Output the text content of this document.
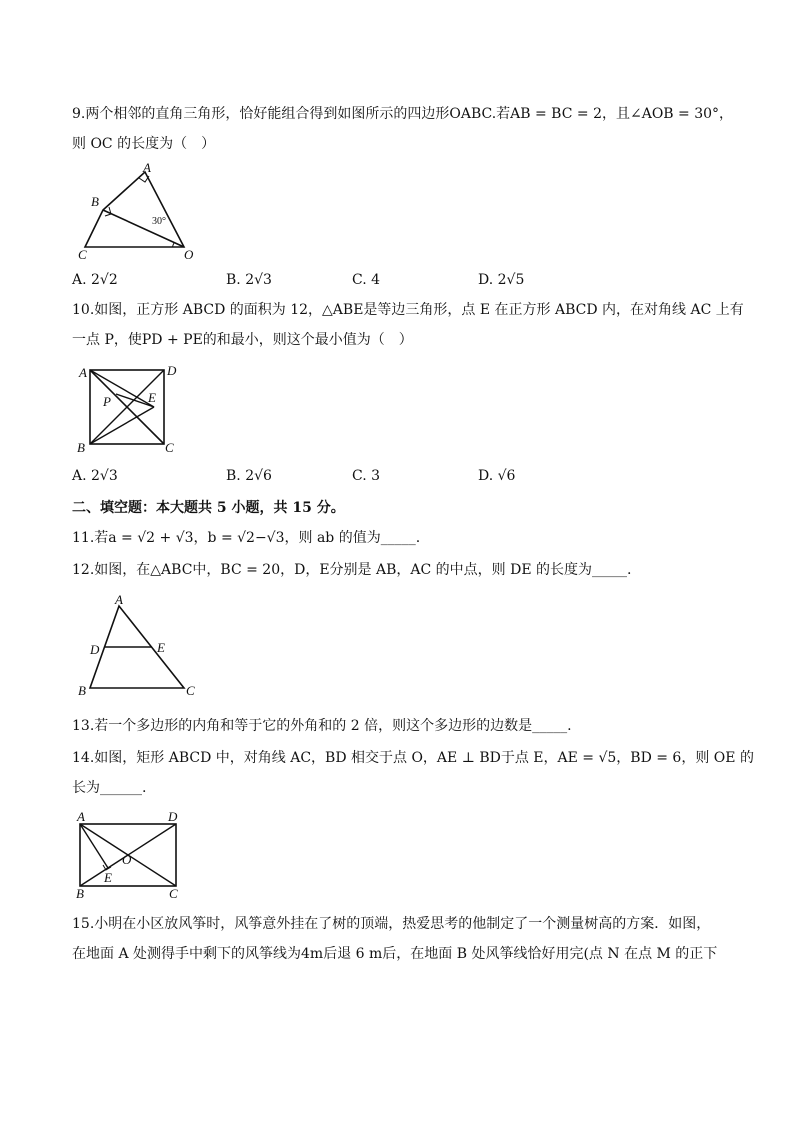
9.两个相邻的直角三角形，恰好能组合得到如图所示的四边形OABC.若AB = BC = 2，且∠AOB = 30°，
则 OC 的长度为（　）
A
B
C	O
30°
A. 2√2	B. 2√3	C. 4	D. 2√5
10.如图，正方形 ABCD 的面积为 12，△ABE是等边三角形，点 E 在正方形 ABCD 内，在对角线 AC 上有
一点 P，使PD + PE的和最小，则这个最小值为（　）
A	D
B	C
P	E
A. 2√3	B. 2√6	C. 3	D. √6
二、填空题：本大题共 5 小题，共 15 分。
11.若a = √2 + √3，b = √2−√3，则 ab 的值为_____.
12.如图，在△ABC中，BC = 20，D，E分别是 AB，AC 的中点，则 DE 的长度为_____.
A
D	E
B	C
13.若一个多边形的内角和等于它的外角和的 2 倍，则这个多边形的边数是_____.
14.如图，矩形 ABCD 中，对角线 AC，BD 相交于点 O，AE ⊥ BD于点 E，AE = √5，BD = 6，则 OE 的
长为______.
A	D
B	C
O
E
15.小明在小区放风筝时，风筝意外挂在了树的顶端，热爱思考的他制定了一个测量树高的方案．如图，
在地面 A 处测得手中剩下的风筝线为4m后退 6 m后，在地面 B 处风筝线恰好用完(点 N 在点 M 的正下
